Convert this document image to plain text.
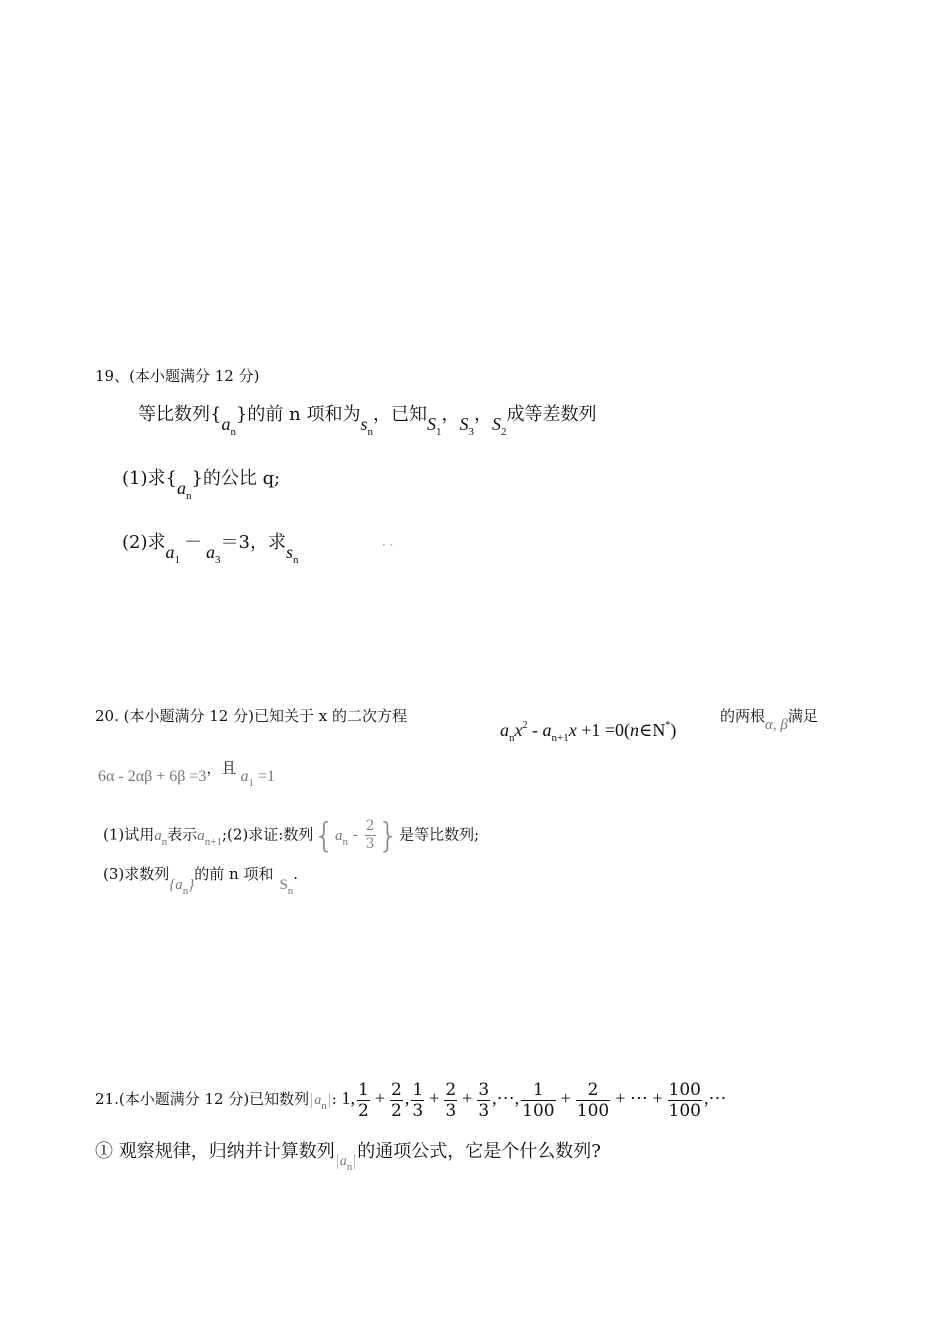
19、(本小题满分 12 分)
等比数列$\{a_n\}$的前 n 项和为$s_n$，已知$S_1$，$S_3$，$S_2$成等差数列
(1)求$\{a_n\}$的公比 q;
(2)求$a_1- a_3=3$，求$s_n$
· ·
20. (本小题满分 12 分)已知关于 x 的二次方程
$a_nx^2 - a_{n+1}x +1$ =0(n∈N*)
的两根α, β满足
6α - 2αβ + 6β =3，且 $a_1 =1$
(1)试用$a_n$表示$a_{n+1};(2)$求证:数列{$a_n - \frac{2}{3}$ }是等比数列;
(3)求数列$\{a_n\}$的前 n 项和$S_n$.
21.(本小题满分 12 分)已知数列 $a_n$ : 1, $\frac{1}{2} + \frac{2}{2}$ , $\frac{1}{3} + \frac{2}{3} + \frac{3}{3}$ ,⋯, $\frac{1}{100} + \frac{2}{100}$ + ⋯ + $\frac{100}{100}$ ,⋯
① 观察规律，归纳并计算数列 $_{a_n}$的通项公式，它是个什么数列?
